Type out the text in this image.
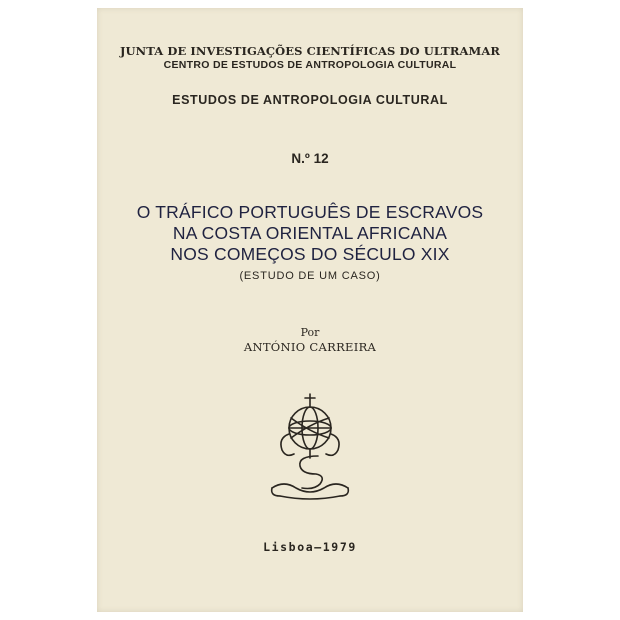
JUNTA DE INVESTIGAÇÕES CIENTÍFICAS DO ULTRAMAR
CENTRO DE ESTUDOS DE ANTROPOLOGIA CULTURAL
ESTUDOS DE ANTROPOLOGIA CULTURAL
N.º 12
O TRÁFICO PORTUGUÊS DE ESCRAVOS
NA COSTA ORIENTAL AFRICANA
NOS COMEÇOS DO SÉCULO XIX
(ESTUDO DE UM CASO)
Por
ANTÓNIO CARREIRA
Lisboa—1979
